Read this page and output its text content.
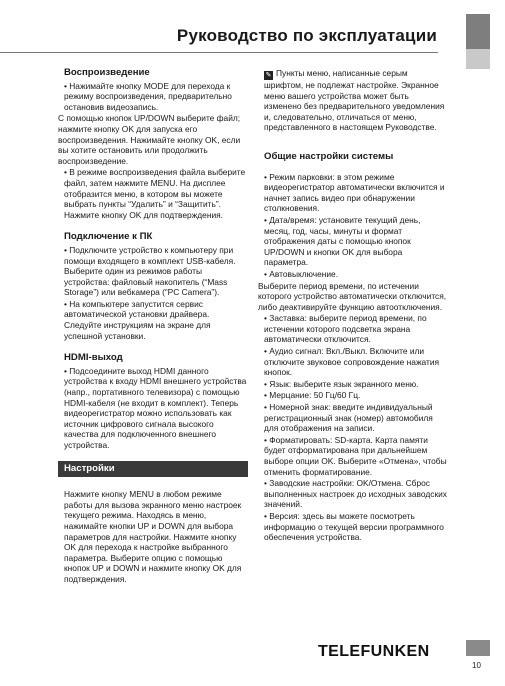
Руководство по эксплуатации
Воспроизведение
• Нажимайте кнопку MODE для перехода к режиму воспроизведения, предварительно остановив видеозапись.
С помощью кнопок UP/DOWN выберите файл; нажмите кнопку OK для запуска его воспроизведения. Нажимайте кнопку OK, если вы хотите остановить или продолжить воспроизведение.
• В режиме воспроизведения файла выберите файл, затем нажмите MENU. На дисплее отобразится меню, в котором вы можете выбрать пункты “Удалить” и “Защитить”. Нажмите кнопку OK для подтверждения.
Подключение к ПК
• Подключите устройство к компьютеру при помощи входящего в комплект USB-кабеля. Выберите один из режимов работы устройства: файловый накопитель (“Mass Storage”) или вебкамера (“PC Camera”).
• На компьютере запустится сервис автоматической установки драйвера. Следуйте инструкциям на экране для успешной установки.
HDMI-выход
• Подсоедините выход HDMI данного устройства к входу HDMI внешнего устройства (напр., портативного телевизора) с помощью HDMI-кабеля (не входит в комплект). Теперь видеорегистратор можно использовать как источник цифрового сигнала высокого качества для подключенного внешнего устройства.
Настройки
Нажмите кнопку MENU в любом режиме работы для вызова экранного меню настроек текущего режима. Находясь в меню, нажимайте кнопки UP и DOWN для выбора параметров для настройки. Нажмите кнопку OK для перехода к настройке выбранного параметра. Выберите опцию с помощью кнопок UP и DOWN и нажмите кнопку OK для подтверждения.
✎ Пункты меню, написанные серым шрифтом, не подлежат настройке. Экранное меню вашего устройства может быть изменено без предварительного уведомления и, следовательно, отличаться от меню, представленного в настоящем Руководстве.
Общие настройки системы
• Режим парковки: в этом режиме видеорегистратор автоматически включится и начнет запись видео при обнаружении столкновения.
• Дата/время: установите текущий день, месяц, год, часы, минуты и формат отображения даты с помощью кнопок UP/DOWN и кнопки OK для выбора параметра.
• Автовыключение.
Выберите период времени, по истечении которого устройство автоматически отключится, либо деактивируйте функцию автоотключения.
• Заставка: выберите период времени, по истечении которого подсветка экрана автоматически отключится.
• Аудио сигнал: Вкл./Выкл. Включите или отключите звуковое сопровождение нажатия кнопок.
• Язык: выберите язык экранного меню.
• Мерцание: 50 Гц/60 Гц.
• Номерной знак: введите индивидуальный регистрационный знак (номер) автомобиля для отображения на записи.
• Форматировать: SD-карта. Карта памяти будет отформатирована при дальнейшем выборе опции OK. Выберите «Отмена», чтобы отменить форматирование.
• Заводские настройки: OK/Отмена. Сброс выполненных настроек до исходных заводских значений.
• Версия: здесь вы можете посмотреть информацию о текущей версии программного обеспечения устройства.
TELEFUNKEN
10
